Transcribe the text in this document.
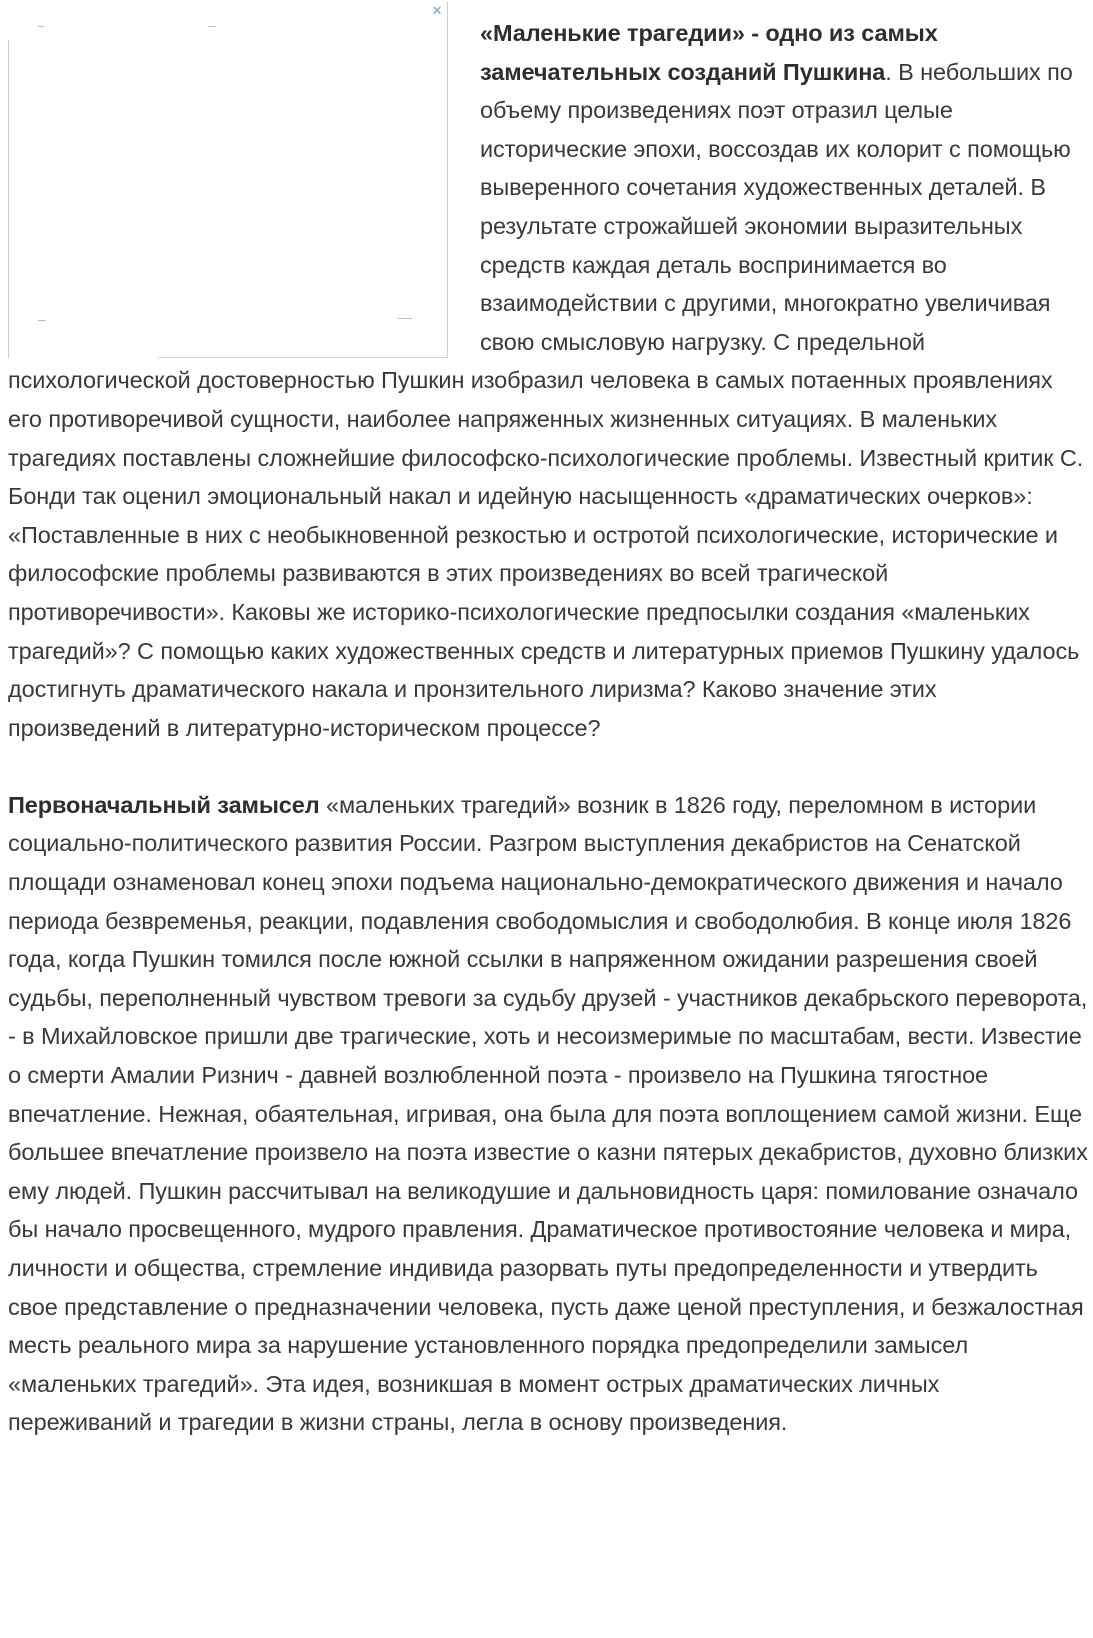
✕

«Маленькие трагедии» - одно из самых замечательных созданий Пушкина. В небольших по объему произведениях поэт отразил целые исторические эпохи, воссоздав их колорит с помощью выверенного сочетания художественных деталей. В результате строжайшей экономии выразительных средств каждая деталь воспринимается во взаимодействии с другими, многократно увеличивая свою смысловую нагрузку. С предельной психологической достоверностью Пушкин изобразил человека в самых потаенных проявлениях его противоречивой сущности, наиболее напряженных жизненных ситуациях. В маленьких трагедиях поставлены сложнейшие философско-психологические проблемы. Известный критик С. Бонди так оценил эмоциональный накал и идейную насыщенность «драматических очерков»: «Поставленные в них с необыкновенной резкостью и остротой психологические, исторические и философские проблемы развиваются в этих произведениях во всей трагической противоречивости». Каковы же историко-психологические предпосылки создания «маленьких трагедий»? С помощью каких художественных средств и литературных приемов Пушкину удалось достигнуть драматического накала и пронзительного лиризма? Каково значение этих произведений в литературно-историческом процессе?

Первоначальный замысел «маленьких трагедий» возник в 1826 году, переломном в истории социально-политического развития России. Разгром выступления декабристов на Сенатской площади ознаменовал конец эпохи подъема национально-демократического движения и начало периода безвременья, реакции, подавления свободомыслия и свободолюбия. В конце июля 1826 года, когда Пушкин томился после южной ссылки в напряженном ожидании разрешения своей судьбы, переполненный чувством тревоги за судьбу друзей - участников декабрьского переворота, - в Михайловское пришли две трагические, хоть и несоизмеримые по масштабам, вести. Известие о смерти Амалии Ризнич - давней возлюбленной поэта - произвело на Пушкина тягостное впечатление. Нежная, обаятельная, игривая, она была для поэта воплощением самой жизни. Еще большее впечатление произвело на поэта известие о казни пятерых декабристов, духовно близких ему людей. Пушкин рассчитывал на великодушие и дальновидность царя: помилование означало бы начало просвещенного, мудрого правления. Драматическое противостояние человека и мира, личности и общества, стремление индивида разорвать путы предопределенности и утвердить свое представление о предназначении человека, пусть даже ценой преступления, и безжалостная месть реального мира за нарушение установленного порядка предопределили замысел «маленьких трагедий». Эта идея, возникшая в момент острых драматических личных переживаний и трагедии в жизни страны, легла в основу произведения.
